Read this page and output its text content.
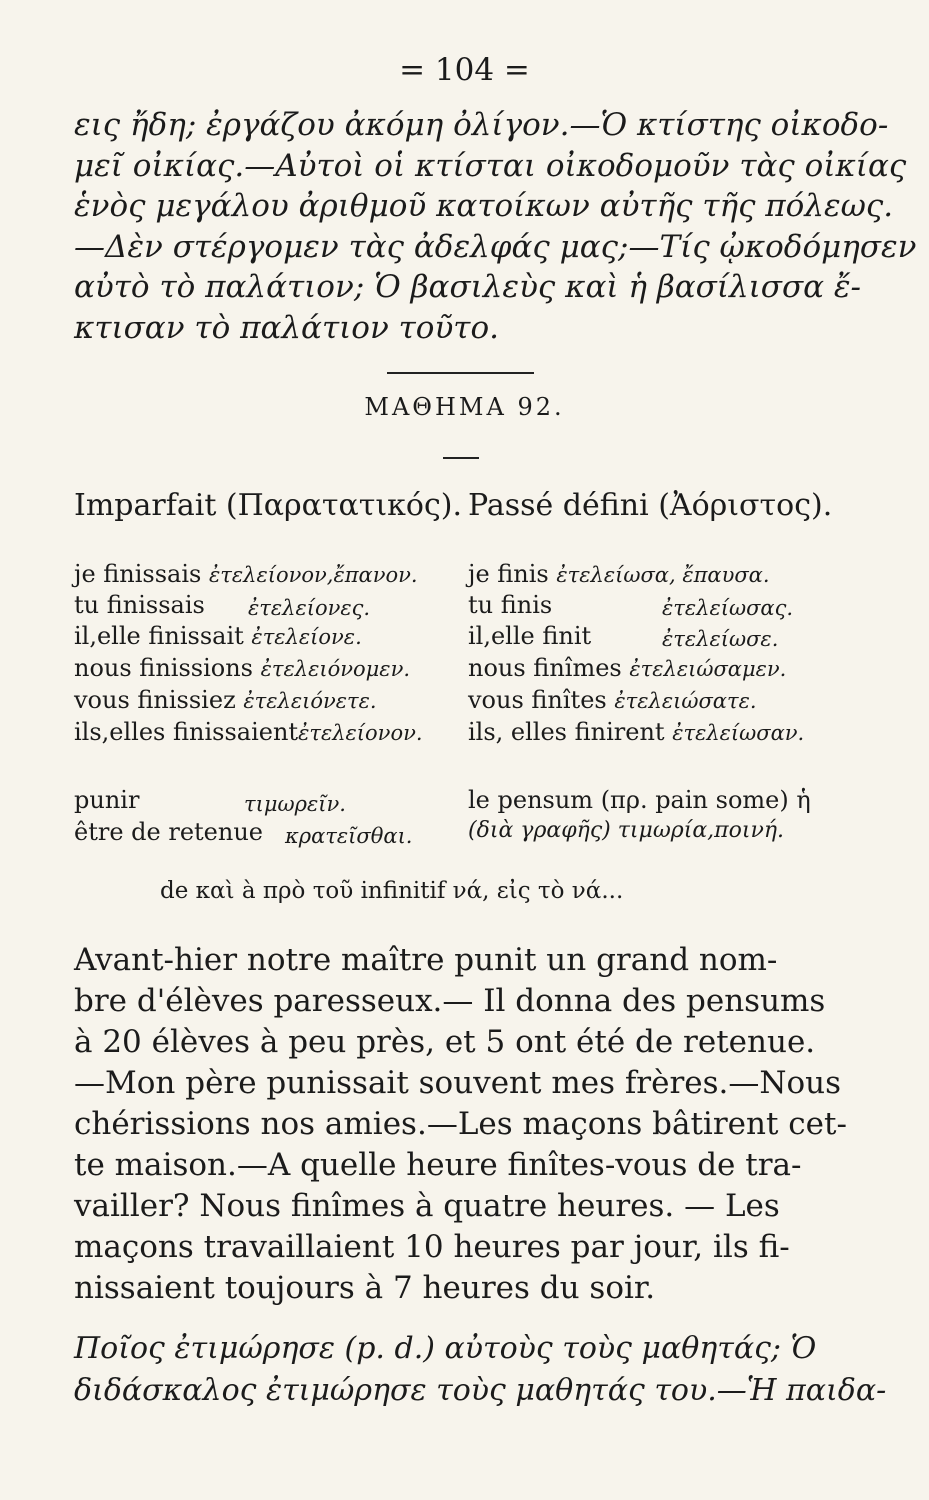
= 104 =
εις ἤδη; ἐργάζου ἀκόμη ὀλίγον.—Ὁ κτίστης οἰκοδο-
μεῖ οἰκίας.—Αὐτοὶ οἱ κτίσται οἰκοδομοῦν τὰς οἰκίας
ἑνὸς μεγάλου ἀριθμοῦ κατοίκων αὐτῆς τῆς πόλεως.
—Δὲν στέργομεν τὰς ἀδελφάς μας;—Τίς ᾠκοδόμησεν
αὐτὸ τὸ παλάτιον; Ὁ βασιλεὺς καὶ ἡ βασίλισσα ἔ-
κτισαν τὸ παλάτιον τοῦτο.
ΜΑΘΗΜΑ 92.
Imparfait (Παρατατικός). Passé défini (Ἀόριστος).
je finissais ἐτελείονον,ἔπανον.
tu finissais ἐτελείονες.
il,elle finissait ἐτελείονε.
nous finissions ἐτελειόνομεν.
vous finissiez ἐτελειόνετε.
ils,elles finissaientἐτελείονον.
je finis ἐτελείωσα, ἔπαυσα.
tu finis	ἐτελείωσας.
il,elle finit	ἐτελείωσε.
nous finîmes ἐτελειώσαμεν.
vous finîtes ἐτελειώσατε.
ils, elles finirent ἐτελείωσαν.
punir	τιμωρεῖν.
être de retenue κρατεῖσθαι.
le pensum (πρ. pain some) ἡ
(διὰ γραφῆς) τιμωρία,ποινή.
de καὶ à πρὸ τοῦ infinitif νά, εἰς τὸ νά...
Avant-hier notre maître punit un grand nom-
bre d'élèves paresseux.— Il donna des pensums
à 20 élèves à peu près, et 5 ont été de retenue.
—Mon père punissait souvent mes frères.—Nous
chérissions nos amies.—Les maçons bâtirent cet-
te maison.—A quelle heure finîtes-vous de tra-
vailler? Nous finîmes à quatre heures. — Les
maçons travaillaient 10 heures par jour, ils fi-
nissaient toujours à 7 heures du soir.
Ποῖος ἐτιμώρησε (p. d.) αὐτοὺς τοὺς μαθητάς; Ὁ
διδάσκαλος ἐτιμώρησε τοὺς μαθητάς του.—Ἡ παιδα-
